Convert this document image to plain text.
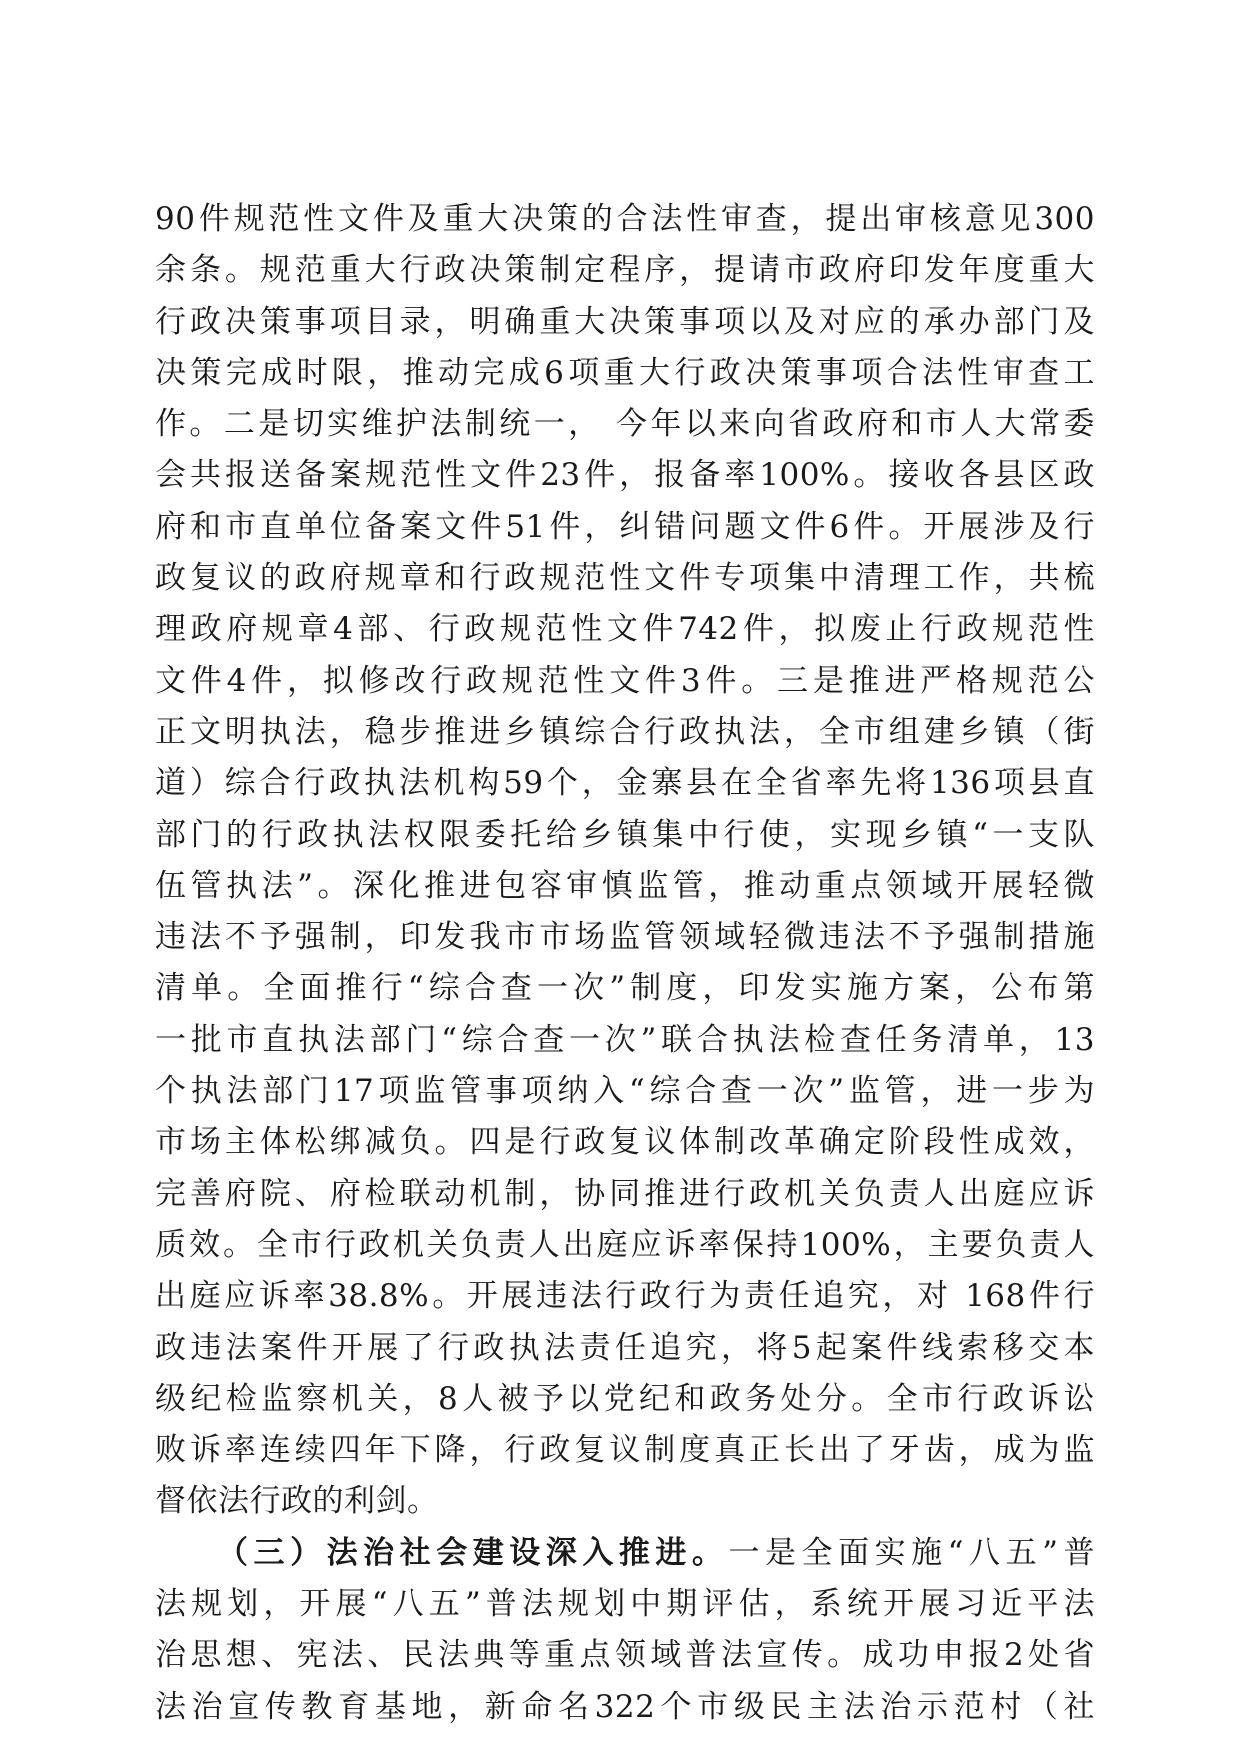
90件规范性文件及重大决策的合法性审查，提出审核意见300
余条。规范重大行政决策制定程序，提请市政府印发年度重大
行政决策事项目录，明确重大决策事项以及对应的承办部门及
决策完成时限，推动完成6项重大行政决策事项合法性审查工
作。二是切实维护法制统一， 今年以来向省政府和市人大常委
会共报送备案规范性文件23件，报备率100%。接收各县区政
府和市直单位备案文件51件，纠错问题文件6件。开展涉及行
政复议的政府规章和行政规范性文件专项集中清理工作，共梳
理政府规章4部、行政规范性文件742件，拟废止行政规范性
文件4件，拟修改行政规范性文件3件。三是推进严格规范公
正文明执法，稳步推进乡镇综合行政执法，全市组建乡镇（街
道）综合行政执法机构59个，金寨县在全省率先将136项县直
部门的行政执法权限委托给乡镇集中行使，实现乡镇“一支队
伍管执法”。深化推进包容审慎监管，推动重点领域开展轻微
违法不予强制，印发我市市场监管领域轻微违法不予强制措施
清单。全面推行“综合查一次”制度，印发实施方案，公布第
一批市直执法部门“综合查一次”联合执法检查任务清单，13
个执法部门17项监管事项纳入“综合查一次”监管，进一步为
市场主体松绑减负。四是行政复议体制改革确定阶段性成效，
完善府院、府检联动机制，协同推进行政机关负责人出庭应诉
质效。全市行政机关负责人出庭应诉率保持100%，主要负责人
出庭应诉率38.8%。开展违法行政行为责任追究，对 168件行
政违法案件开展了行政执法责任追究，将5起案件线索移交本
级纪检监察机关，8人被予以党纪和政务处分。全市行政诉讼
败诉率连续四年下降，行政复议制度真正长出了牙齿，成为监
督依法行政的利剑。
（三）法治社会建设深入推进。一是全面实施“八五”普
法规划，开展“八五”普法规划中期评估，系统开展习近平法
治思想、宪法、民法典等重点领域普法宣传。成功申报2处省
法治宣传教育基地，新命名322个市级民主法治示范村（社
